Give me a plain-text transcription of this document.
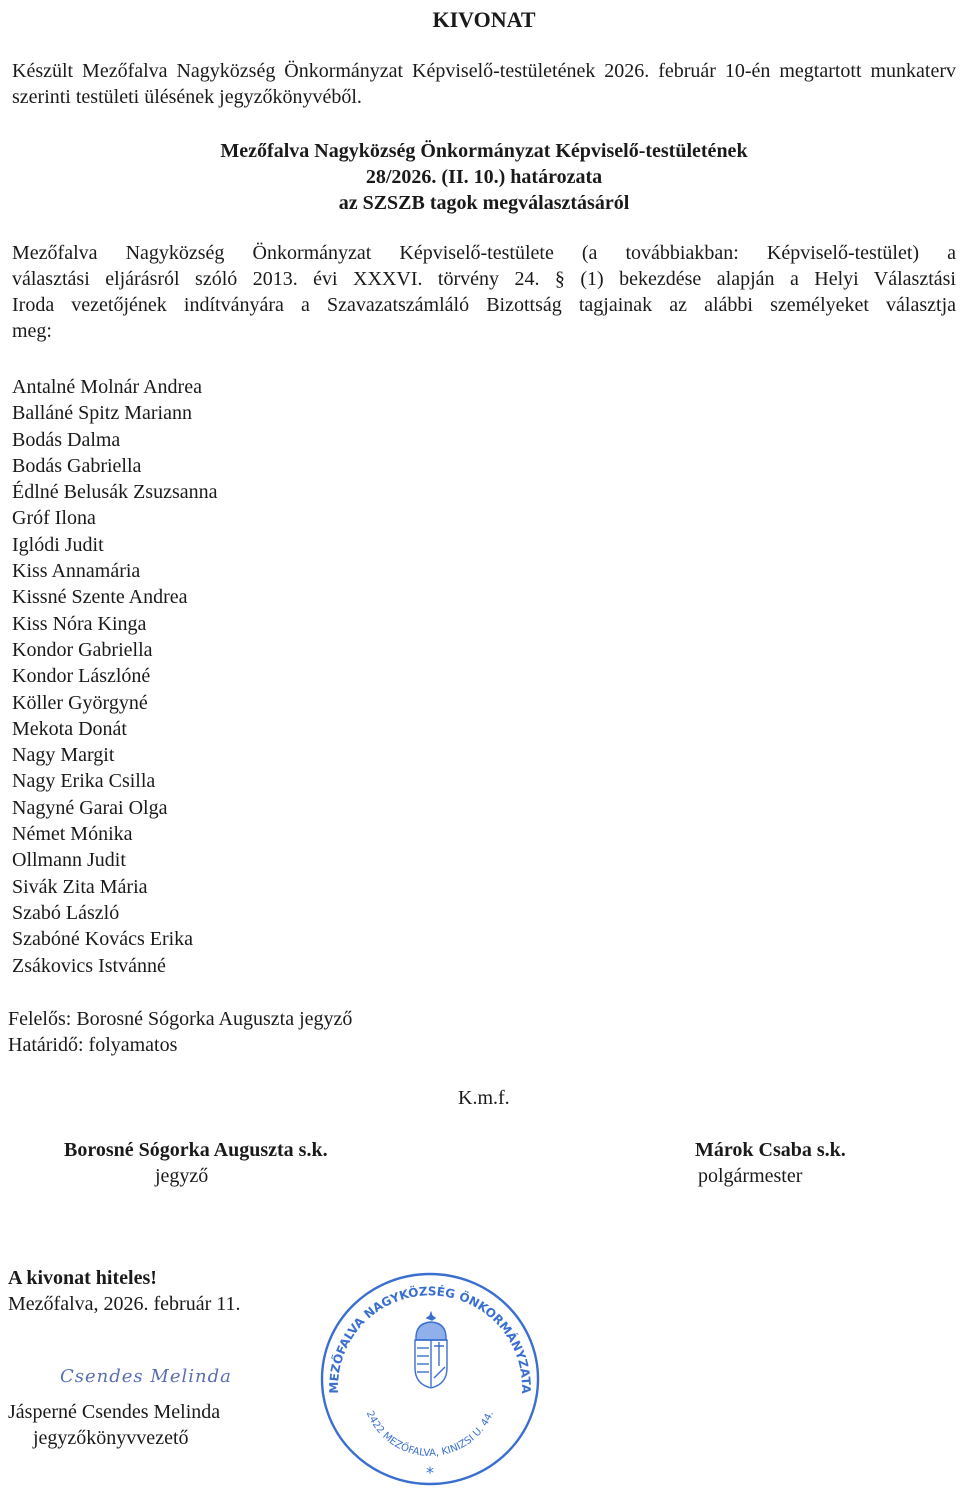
KIVONAT
Készült Mezőfalva Nagyközség Önkormányzat Képviselő-testületének 2026. február 10-én megtartott munkaterv szerinti testületi ülésének jegyzőkönyvéből.
Mezőfalva Nagyközség Önkormányzat Képviselő-testületének
28/2026. (II. 10.) határozata
az SZSZB tagok megválasztásáról
Mezőfalva Nagyközség Önkormányzat Képviselő-testülete (a továbbiakban: Képviselő-testület) a
választási eljárásról szóló 2013. évi XXXVI. törvény 24. § (1) bekezdése alapján a Helyi Választási
Iroda vezetőjének indítványára a Szavazatszámláló Bizottság tagjainak az alábbi személyeket választja
meg:
Antalné Molnár Andrea
Balláné Spitz Mariann
Bodás Dalma
Bodás Gabriella
Édlné Belusák Zsuzsanna
Gróf Ilona
Iglódi Judit
Kiss Annamária
Kissné Szente Andrea
Kiss Nóra Kinga
Kondor Gabriella
Kondor Lászlóné
Köller Györgyné
Mekota Donát
Nagy Margit
Nagy Erika Csilla
Nagyné Garai Olga
Német Mónika
Ollmann Judit
Sivák Zita Mária
Szabó László
Szabóné Kovács Erika
Zsákovics Istvánné
Felelős: Borosné Sógorka Auguszta jegyző
Határidő: folyamatos
K.m.f.
Borosné Sógorka Auguszta s.k.
jegyző
Márok Csaba s.k.
polgármester
A kivonat hiteles!
Mezőfalva, 2026. február 11.
Csendes Melinda
Jásperné Csendes Melinda
jegyzőkönyvvezető
MEZŐFALVA NAGYKÖZSÉG ÖNKORMÁNYZATA
2422 MEZŐFALVA, KINIZSI U. 44.
*
